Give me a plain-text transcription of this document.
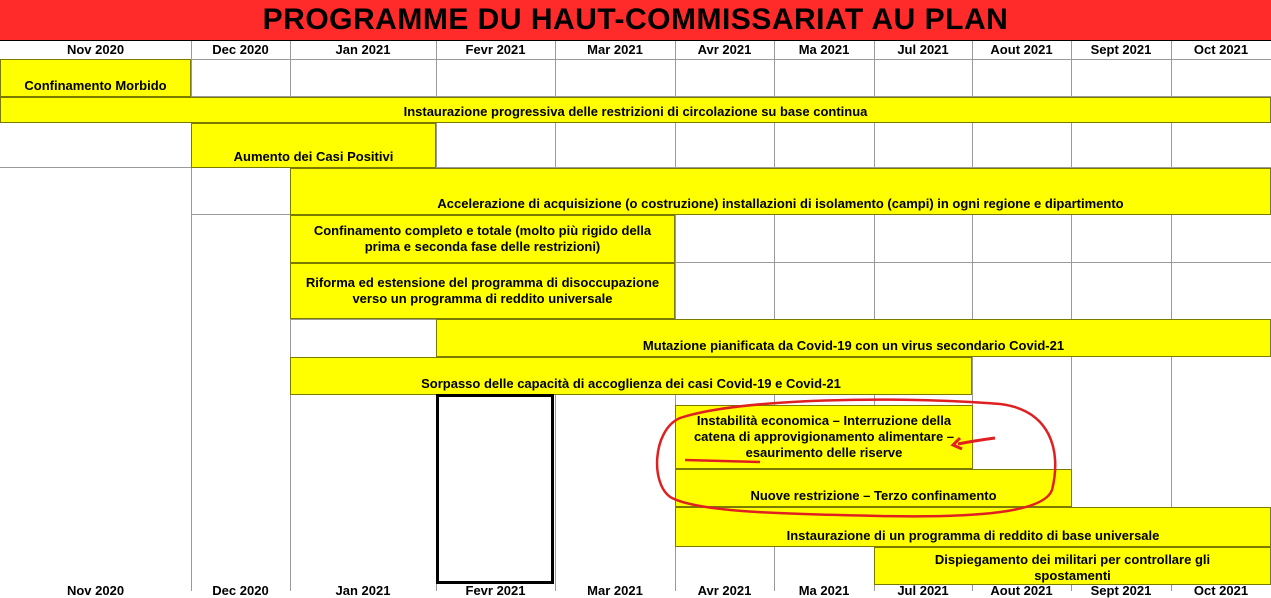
PROGRAMME DU HAUT-COMMISSARIAT AU PLAN
Nov 2020	Dec 2020	Jan 2021	Fevr 2021	Mar 2021	Avr 2021	Ma 2021	Jul 2021	Aout 2021	Sept 2021	Oct 2021
Confinamento Morbido
Instaurazione progressiva delle restrizioni di circolazione su base continua
Aumento dei Casi Positivi
Accelerazione di acquisizione (o costruzione) installazioni di isolamento (campi) in ogni regione e dipartimento
Confinamento completo e totale (molto più rigido della prima e seconda fase delle restrizioni)
Riforma ed estensione del programma di disoccupazione verso un programma di reddito universale
Mutazione pianificata da Covid-19 con un virus secondario Covid-21
Sorpasso delle capacità di accoglienza dei casi Covid-19 e Covid-21
Instabilità economica – Interruzione della catena di approvigionamento alimentare – esaurimento delle riserve
Nuove restrizione – Terzo confinamento
Instaurazione di un programma di reddito di base universale
Dispiegamento dei militari per controllare gli spostamenti
Nov 2020	Dec 2020	Jan 2021	Fevr 2021	Mar 2021	Avr 2021	Ma 2021	Jul 2021	Aout 2021	Sept 2021	Oct 2021
